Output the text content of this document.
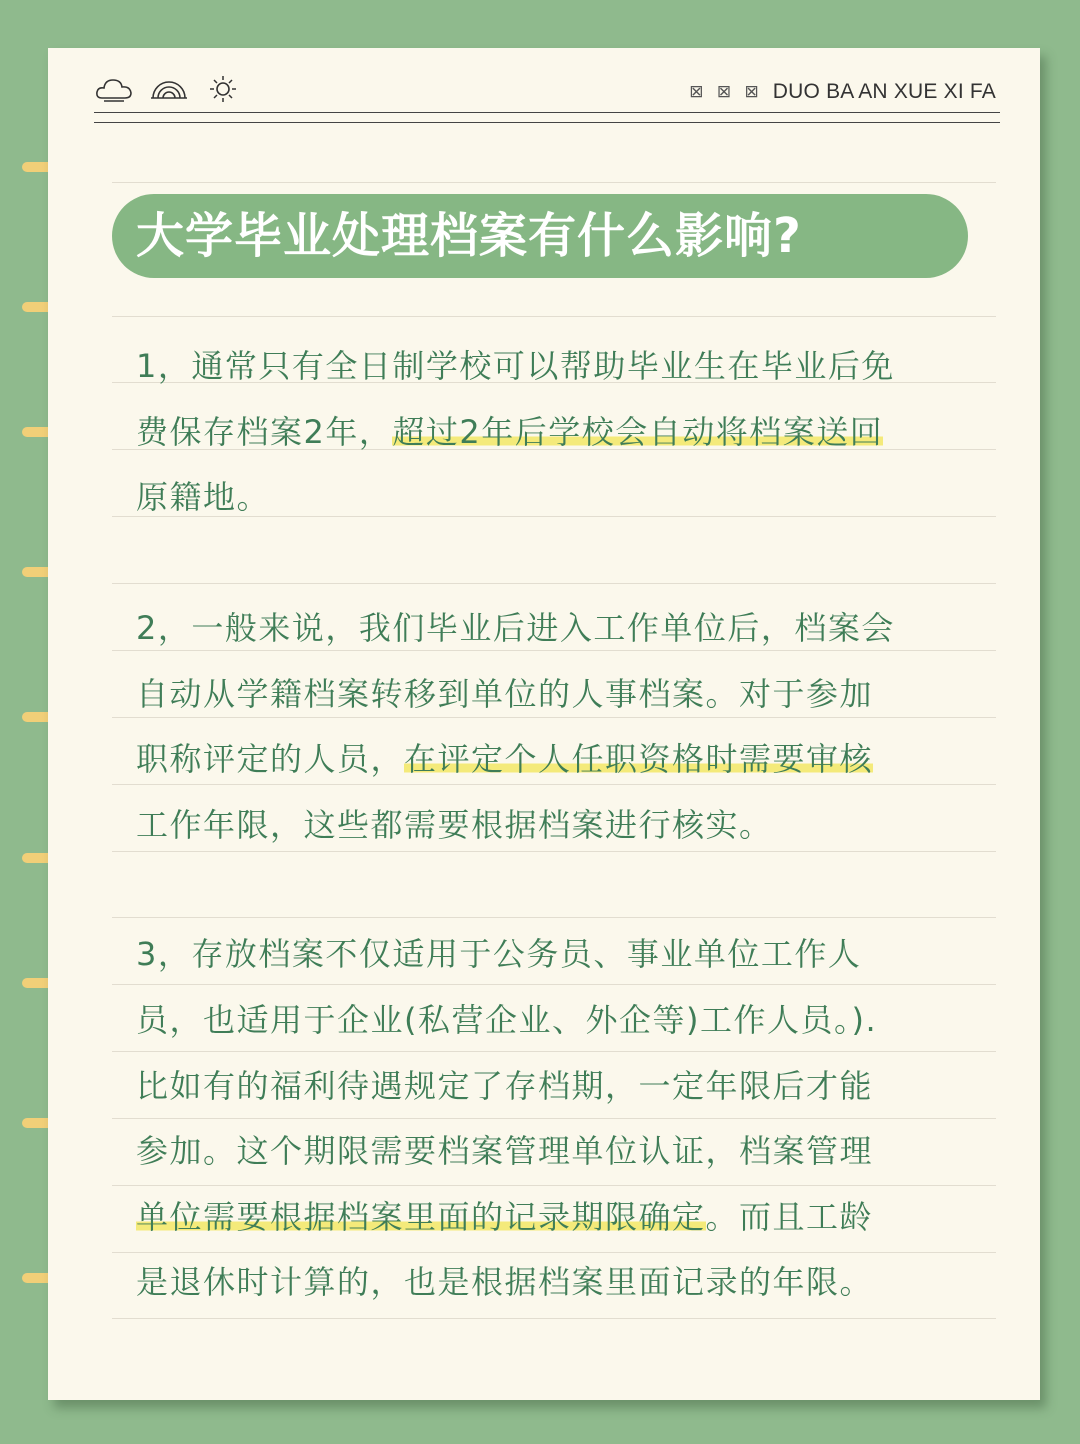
⊠ ⊠ ⊠ DUO BA AN XUE XI FA
大学毕业处理档案有什么影响?
1，通常只有全日制学校可以帮助毕业生在毕业后免
费保存档案2年，超过2年后学校会自动将档案送回
原籍地。
2，一般来说，我们毕业后进入工作单位后，档案会
自动从学籍档案转移到单位的人事档案。对于参加
职称评定的人员，在评定个人任职资格时需要审核
工作年限，这些都需要根据档案进行核实。
3，存放档案不仅适用于公务员、事业单位工作人
员，也适用于企业(私营企业、外企等)工作人员。).
比如有的福利待遇规定了存档期，一定年限后才能
参加。这个期限需要档案管理单位认证，档案管理
单位需要根据档案里面的记录期限确定。而且工龄
是退休时计算的，也是根据档案里面记录的年限。
